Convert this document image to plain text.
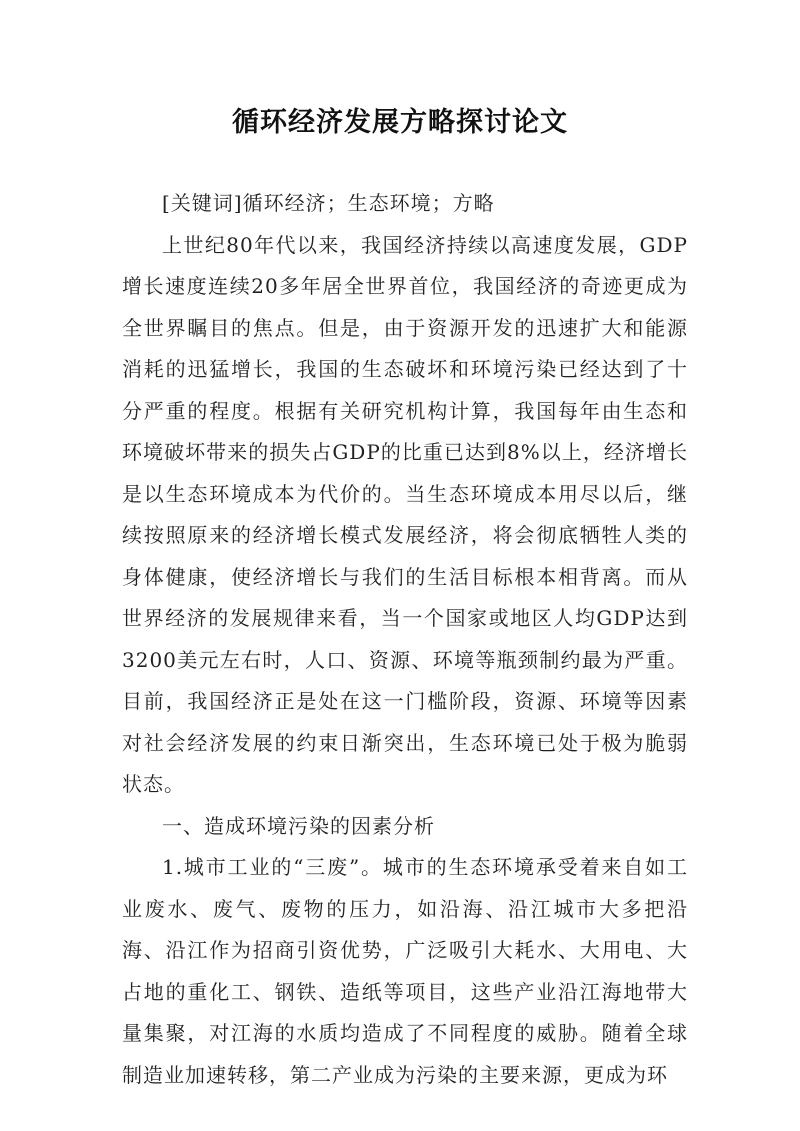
循环经济发展方略探讨论文

[关键词]循环经济；生态环境；方略

上世纪80年代以来，我国经济持续以高速度发展，GDP增长速度连续20多年居全世界首位，我国经济的奇迹更成为全世界瞩目的焦点。但是，由于资源开发的迅速扩大和能源消耗的迅猛增长，我国的生态破坏和环境污染已经达到了十分严重的程度。根据有关研究机构计算，我国每年由生态和环境破坏带来的损失占GDP的比重已达到8%以上，经济增长是以生态环境成本为代价的。当生态环境成本用尽以后，继续按照原来的经济增长模式发展经济，将会彻底牺牲人类的身体健康，使经济增长与我们的生活目标根本相背离。而从世界经济的发展规律来看，当一个国家或地区人均GDP达到3200美元左右时，人口、资源、环境等瓶颈制约最为严重。目前，我国经济正是处在这一门槛阶段，资源、环境等因素对社会经济发展的约束日渐突出，生态环境已处于极为脆弱状态。

一、造成环境污染的因素分析

1.城市工业的“三废”。城市的生态环境承受着来自如工业废水、废气、废物的压力，如沿海、沿江城市大多把沿海、沿江作为招商引资优势，广泛吸引大耗水、大用电、大占地的重化工、钢铁、造纸等项目，这些产业沿江海地带大量集聚，对江海的水质均造成了不同程度的威胁。随着全球制造业加速转移，第二产业成为污染的主要来源，更成为环
